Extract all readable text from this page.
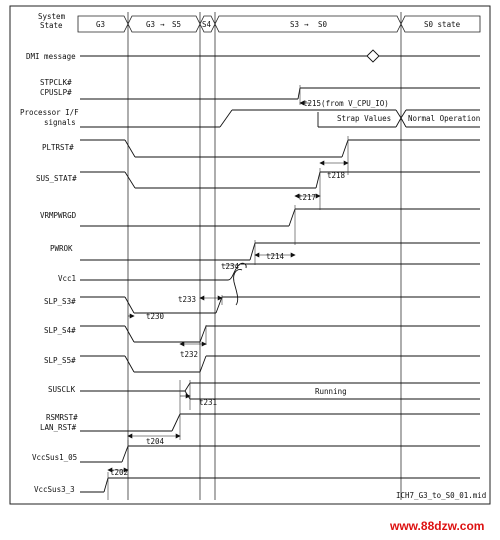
System
State	G3	G3 → S5	S4	S3 → S0	S0 state
DMI message
STPCLK#
CPUSLP#
Processor I/F
signals
PLTRST#
SUS_STAT#
VRMPWRGD
PWROK
Vcc1
SLP_S3#
SLP_S4#
SLP_S5#
SUSCLK
RSMRST#
LAN_RST#
VccSus1_05
VccSus3_3
t215(from V_CPU_IO)
Strap Values Normal Operation
Running
t218
t217
t214
t233
t234
t230
t232
t231
t204
t202
ICH7_G3_to_S0_01.mid
www.88dzw.com
